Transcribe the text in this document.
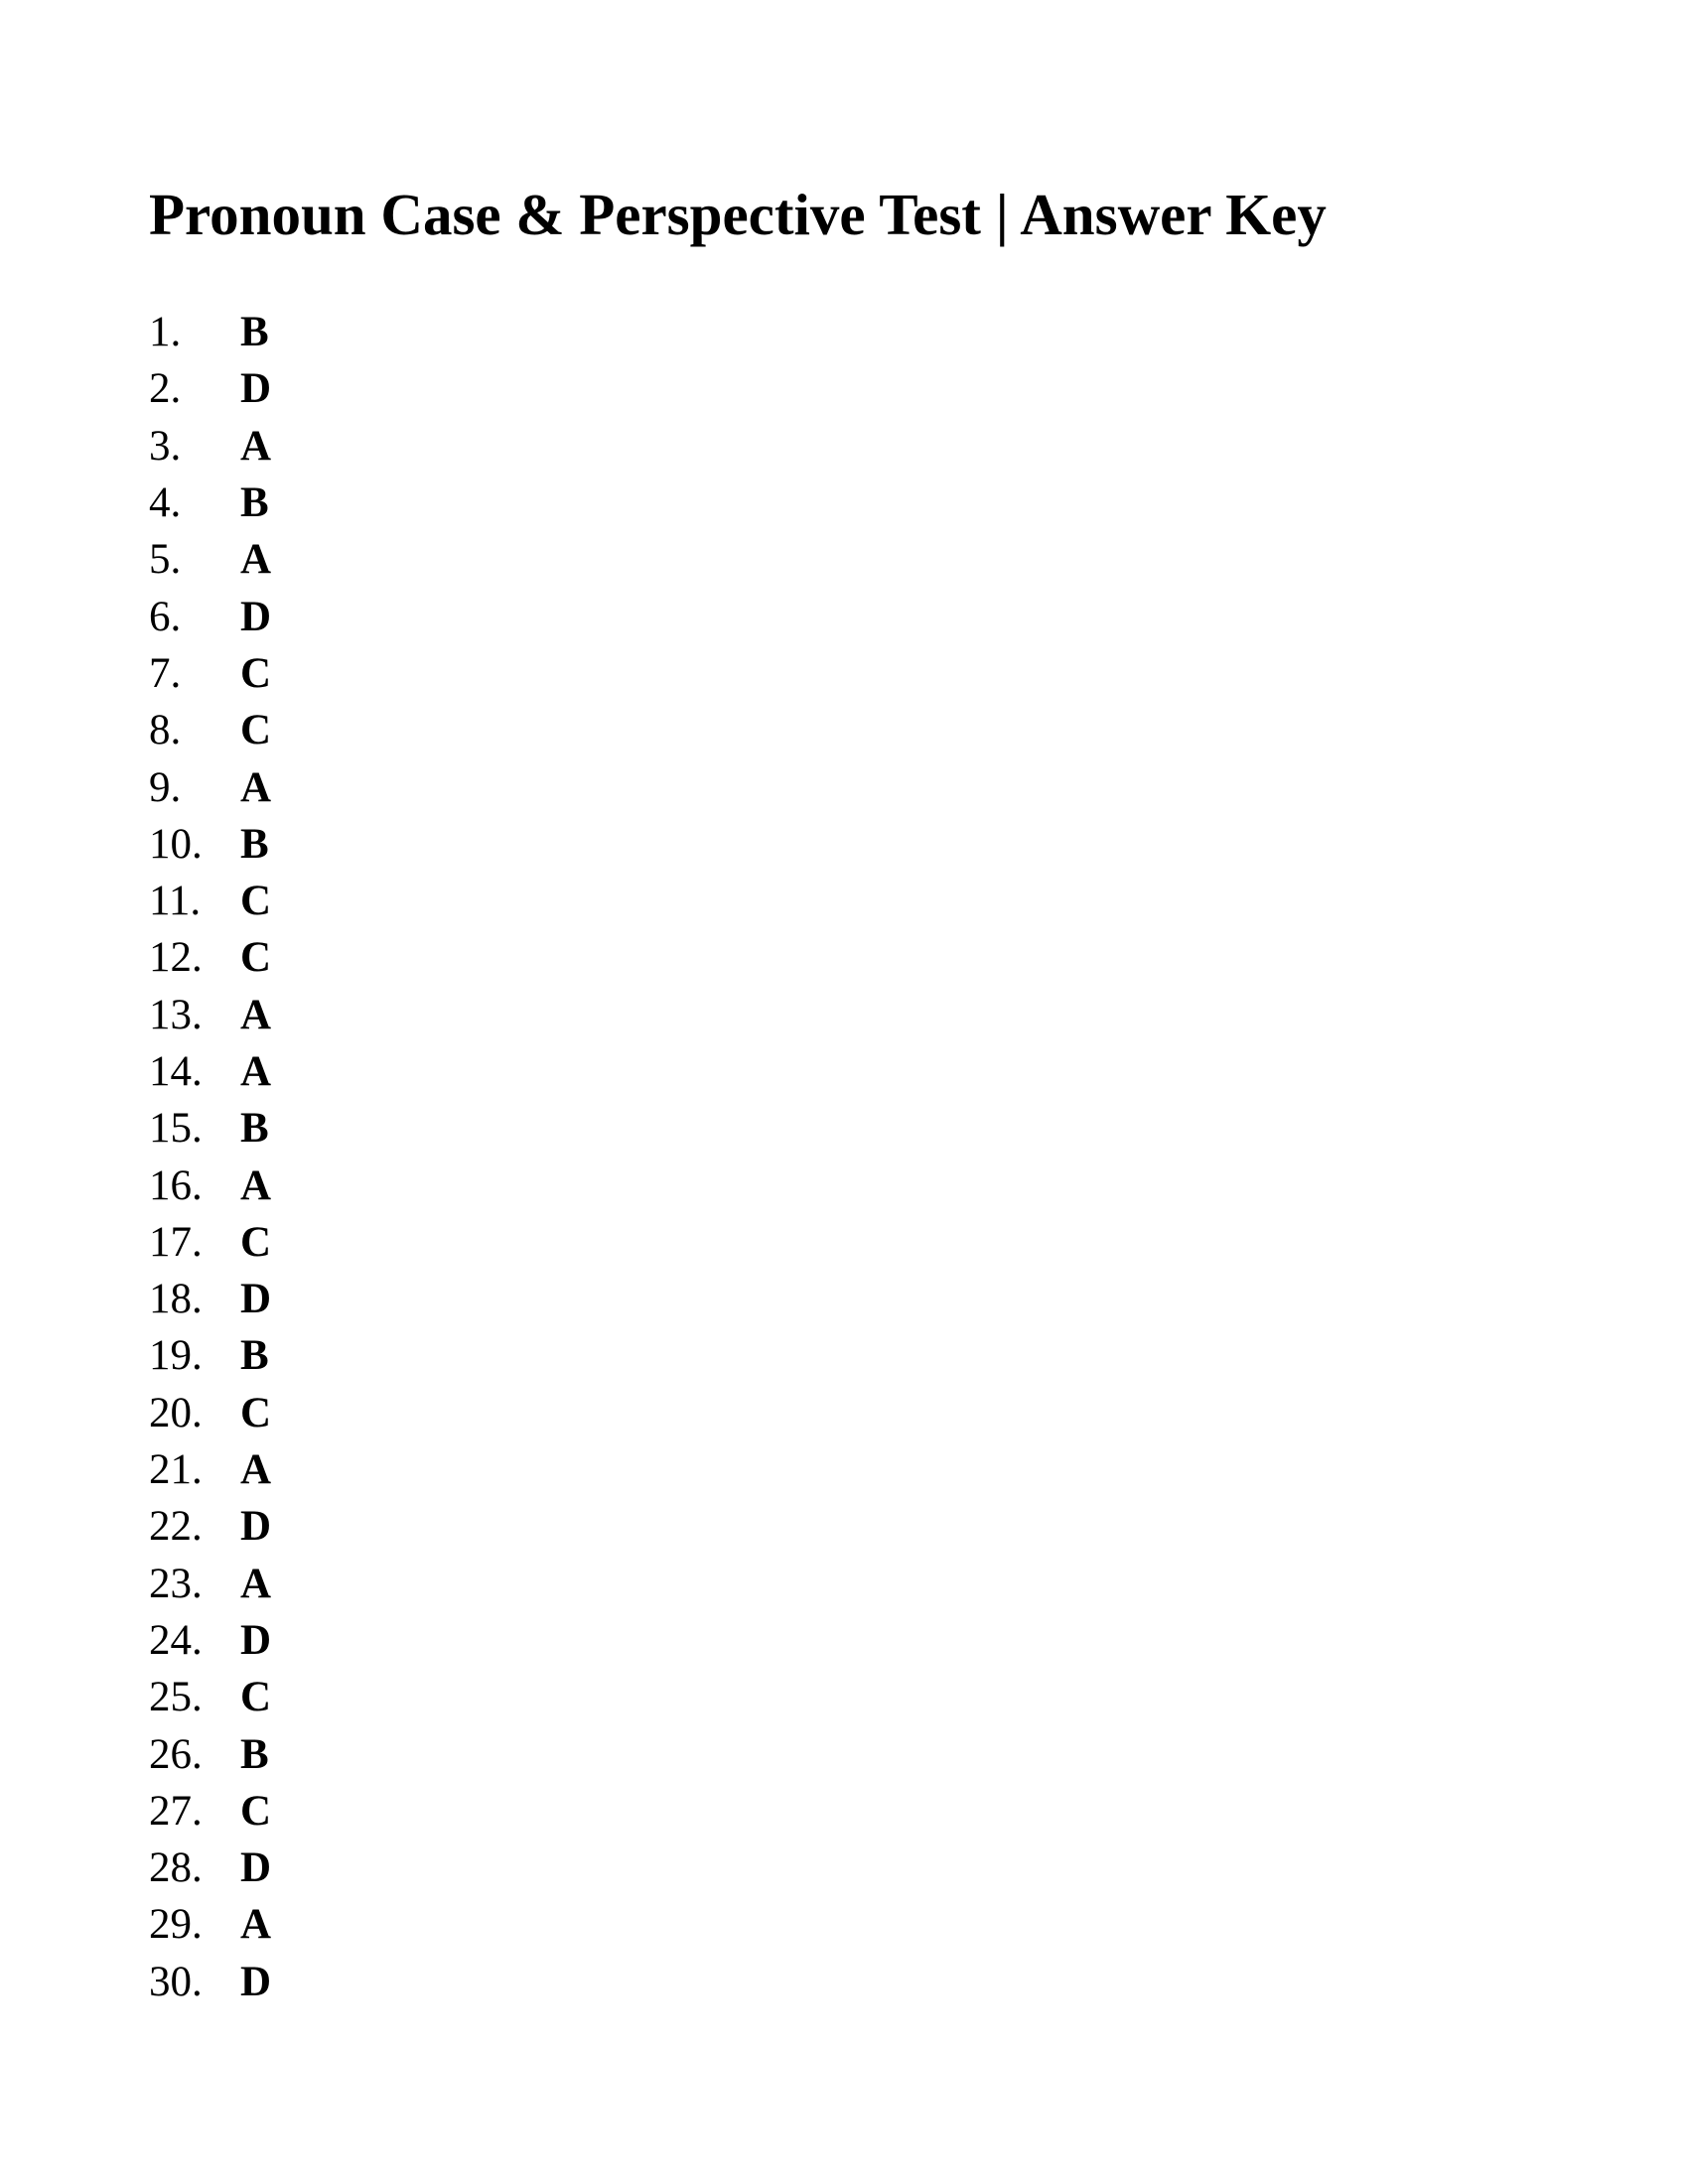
Pronoun Case & Perspective Test | Answer Key
1.	B
2.	D
3.	A
4.	B
5.	A
6.	D
7.	C
8.	C
9.	A
10. B
11. C
12. C
13. A
14. A
15. B
16. A
17. C
18. D
19. B
20. C
21. A
22. D
23. A
24. D
25. C
26. B
27. C
28. D
29. A
30. D
